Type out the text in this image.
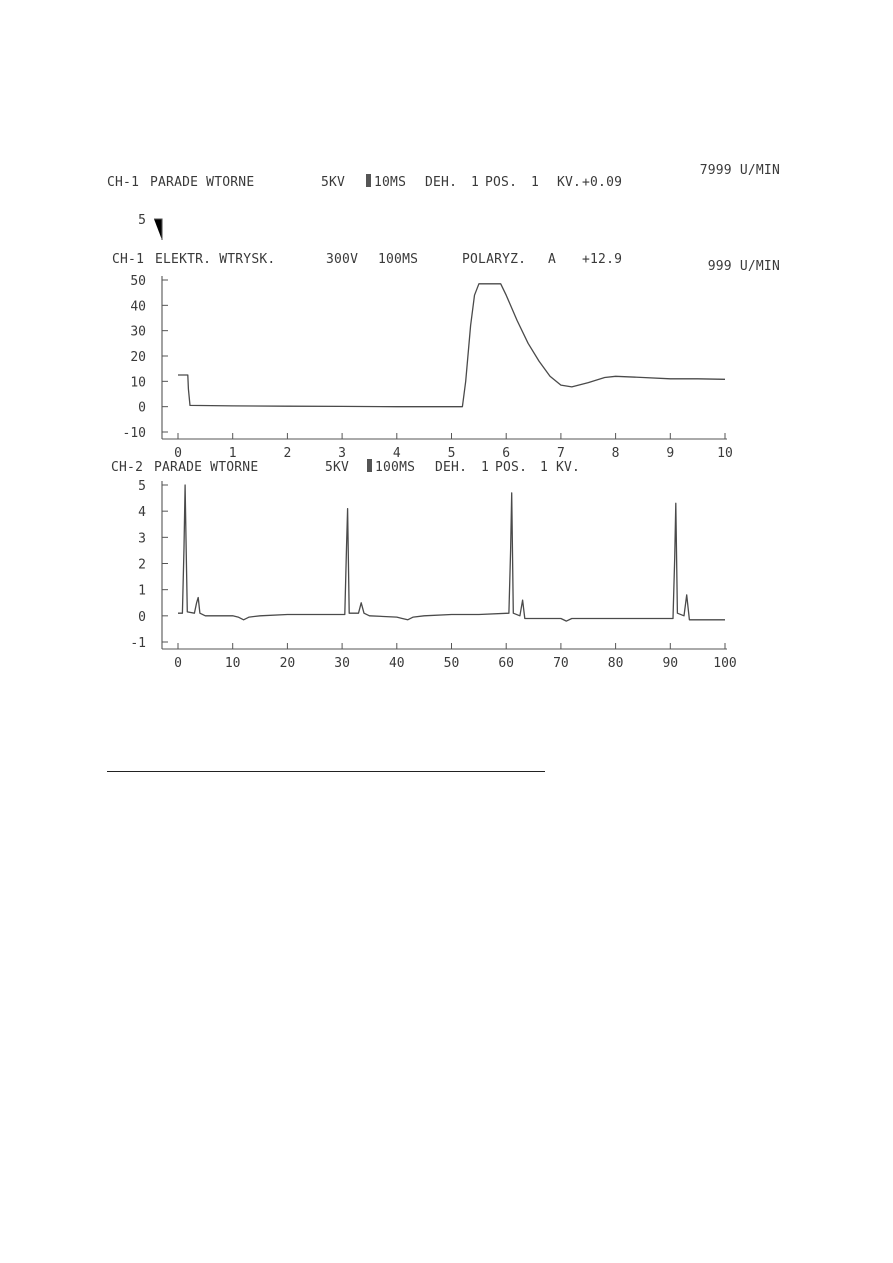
CH-1 PARADE WTORNE	5KV 10MS DEH. 1 POS. 1 KV. +0.09
7999 U/MIN
5
CH-1 ELEKTR. WTRYSK.	300V 100MS	POLARYZ. A +12.9	999 U/MIN
50
40
30
20
10
0
-10
0	1	2	3	4	5	6	7	8	9	10
CH-2 PARADE WTORNE	5KV 100MS DEH. 1 POS. 1 KV.
5
4
3
2
1
0
-1
0	10	20	30	40	50	60	70	80	90	100
